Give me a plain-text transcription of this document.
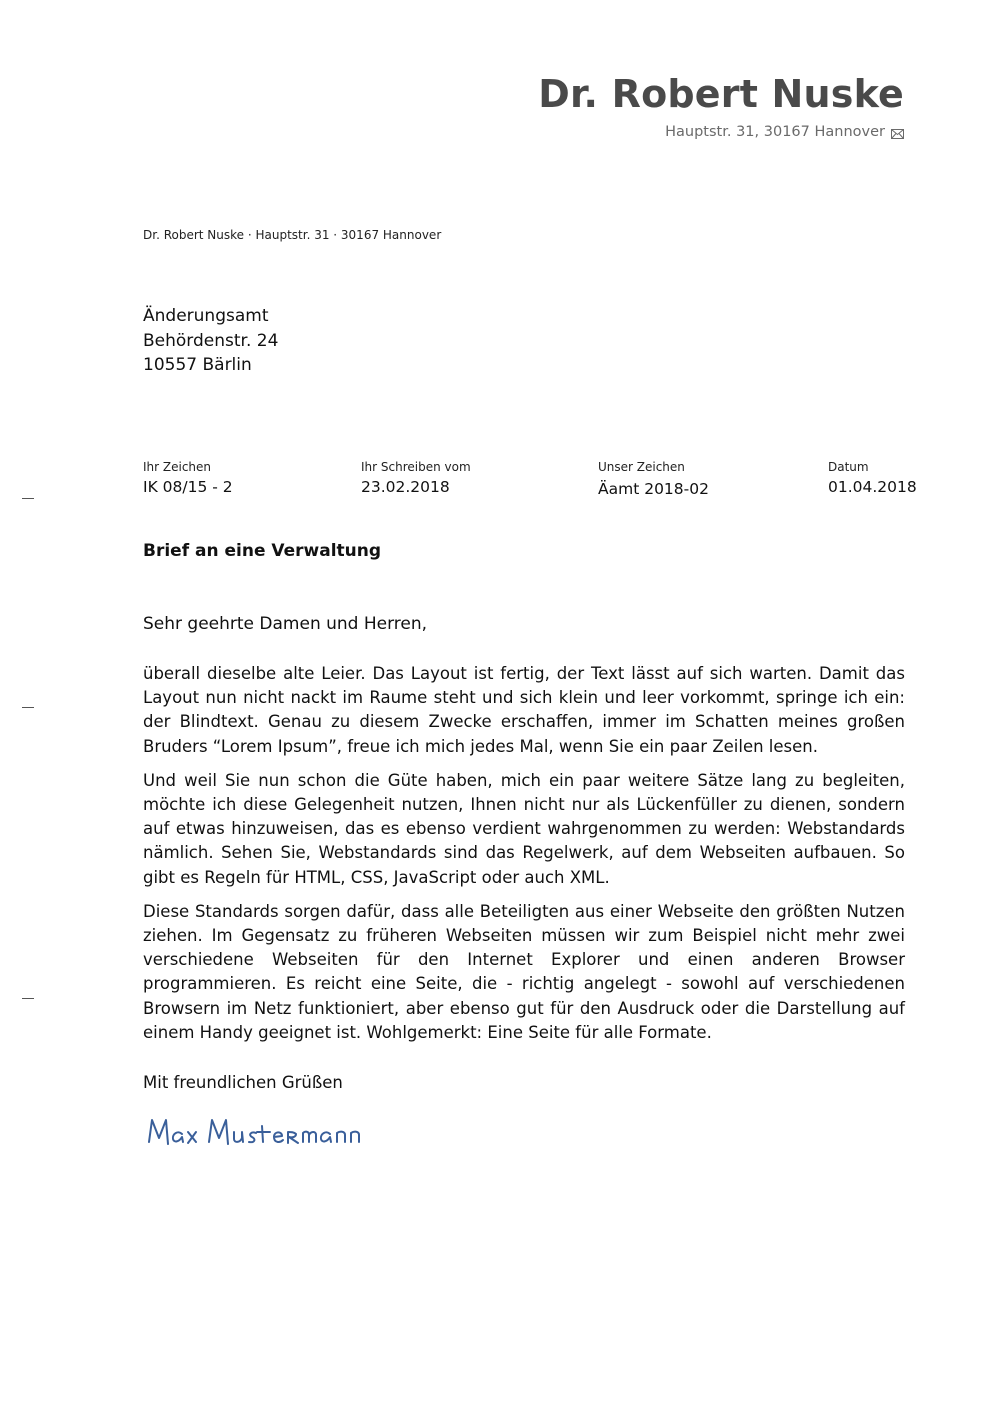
Dr. Robert Nuske
Hauptstr. 31, 30167 Hannover
Dr. Robert Nuske · Hauptstr. 31 · 30167 Hannover
Änderungsamt
Behördenstr. 24
10557 Bärlin
Ihr Zeichen
IK 08/15 - 2
Ihr Schreiben vom
23.02.2018
Unser Zeichen
Äamt 2018-02
Datum
01.04.2018
Brief an eine Verwaltung
Sehr geehrte Damen und Herren,

überall dieselbe alte Leier. Das Layout ist fertig, der Text lässt auf sich warten. Damit das Layout nun nicht nackt im Raume steht und sich klein und leer vorkommt, springe ich ein: der Blindtext. Genau zu diesem Zwecke erschaffen, immer im Schatten meines großen Bruders “Lorem Ipsum”, freue ich mich jedes Mal, wenn Sie ein paar Zeilen lesen.

Und weil Sie nun schon die Güte haben, mich ein paar weitere Sätze lang zu begleiten, möchte ich diese Gelegenheit nutzen, Ihnen nicht nur als Lückenfüller zu dienen, sondern auf etwas hinzuweisen, das es ebenso verdient wahrgenommen zu werden: Webstandards nämlich. Sehen Sie, Webstandards sind das Regelwerk, auf dem Webseiten aufbauen. So gibt es Regeln für HTML, CSS, JavaScript oder auch XML.

Diese Standards sorgen dafür, dass alle Beteiligten aus einer Webseite den größten Nutzen ziehen. Im Gegensatz zu früheren Webseiten müssen wir zum Beispiel nicht mehr zwei verschiedene Webseiten für den Internet Explorer und einen anderen Browser programmieren. Es reicht eine Seite, die - richtig angelegt - sowohl auf verschiedenen Browsern im Netz funktioniert, aber ebenso gut für den Ausdruck oder die Darstellung auf einem Handy geeignet ist. Wohlgemerkt: Eine Seite für alle Formate.

Mit freundlichen Grüßen
